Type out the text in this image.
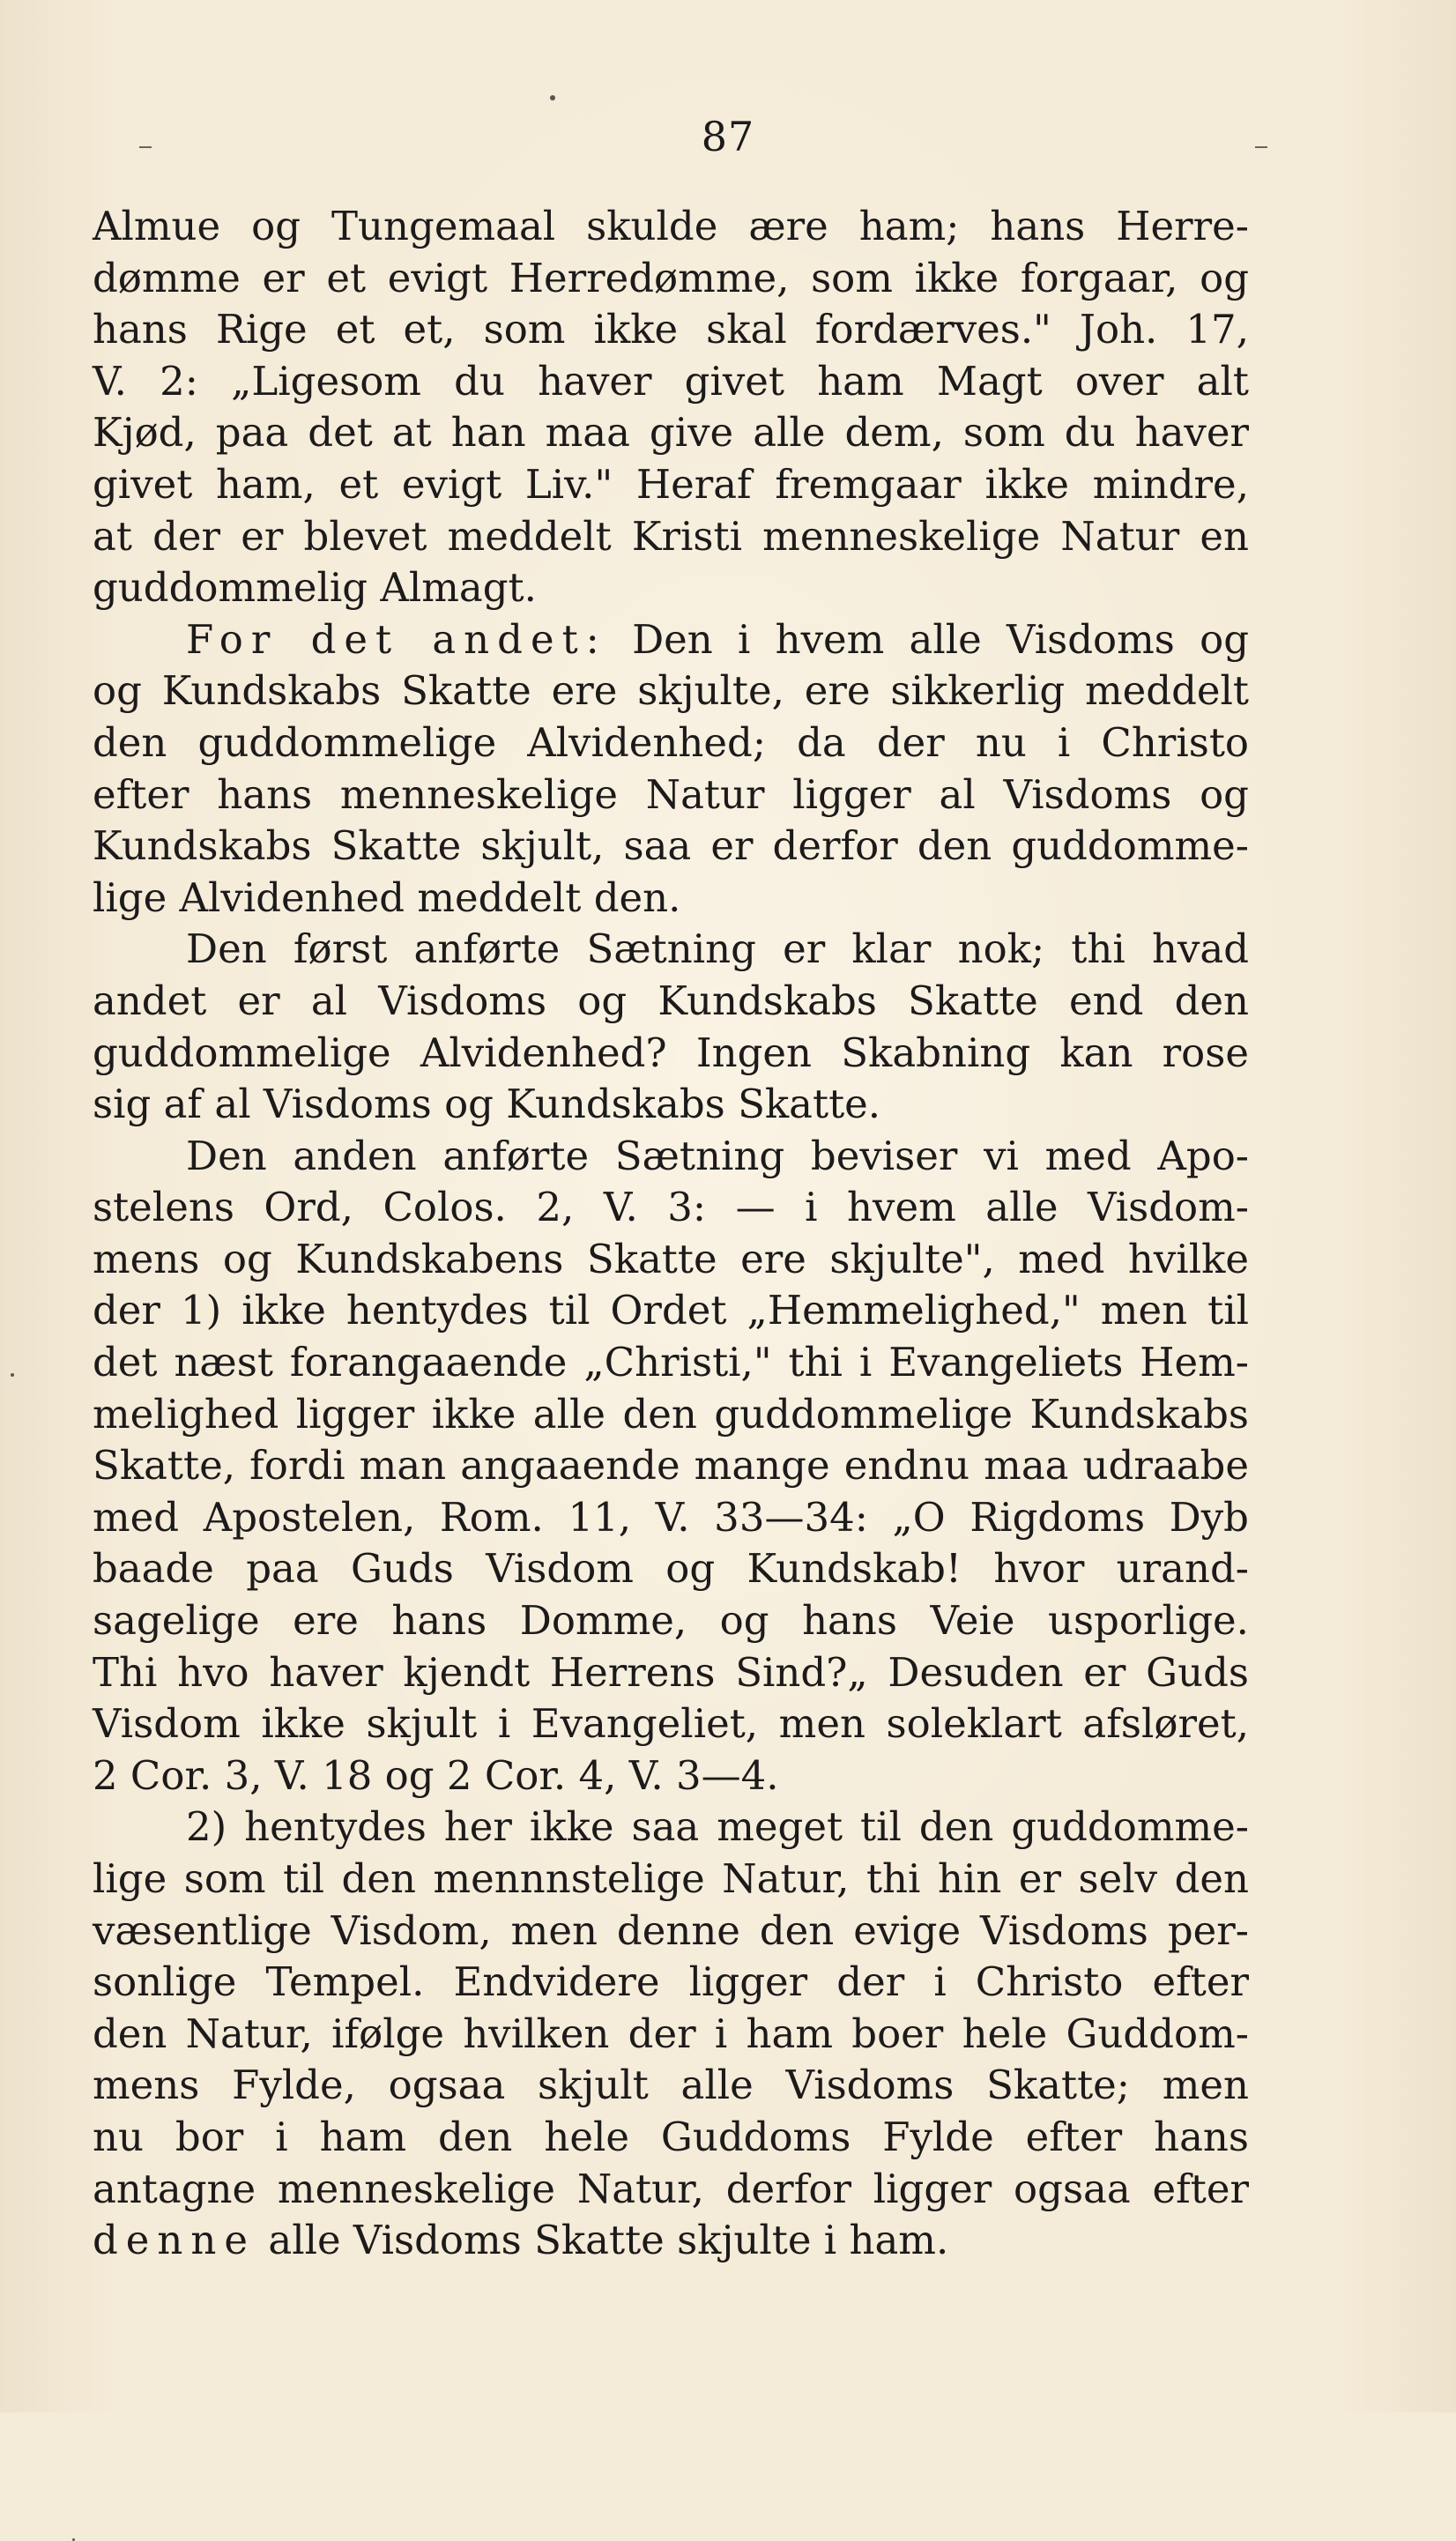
87
Almue og Tungemaal skulde ære ham; hans Herre-
dømme er et evigt Herredømme, som ikke forgaar, og
hans Rige et et, som ikke skal fordærves." Joh. 17,
V. 2: „Ligesom du haver givet ham Magt over alt
Kjød, paa det at han maa give alle dem, som du haver
givet ham, et evigt Liv." Heraf fremgaar ikke mindre,
at der er blevet meddelt Kristi menneskelige Natur en
guddommelig Almagt.
For det andet: Den i hvem alle Visdoms og
og Kundskabs Skatte ere skjulte, ere sikkerlig meddelt
den guddommelige Alvidenhed; da der nu i Christo
efter hans menneskelige Natur ligger al Visdoms og
Kundskabs Skatte skjult, saa er derfor den guddomme-
lige Alvidenhed meddelt den.
Den først anførte Sætning er klar nok; thi hvad
andet er al Visdoms og Kundskabs Skatte end den
guddommelige Alvidenhed? Ingen Skabning kan rose
sig af al Visdoms og Kundskabs Skatte.
Den anden anførte Sætning beviser vi med Apo-
stelens Ord, Colos. 2, V. 3: — i hvem alle Visdom-
mens og Kundskabens Skatte ere skjulte", med hvilke
der 1) ikke hentydes til Ordet „Hemmelighed," men til
det næst forangaaende „Christi," thi i Evangeliets Hem-
melighed ligger ikke alle den guddommelige Kundskabs
Skatte, fordi man angaaende mange endnu maa udraabe
med Apostelen, Rom. 11, V. 33—34: „O Rigdoms Dyb
baade paa Guds Visdom og Kundskab! hvor urand-
sagelige ere hans Domme, og hans Veie usporlige.
Thi hvo haver kjendt Herrens Sind?„ Desuden er Guds
Visdom ikke skjult i Evangeliet, men soleklart afsløret,
2 Cor. 3, V. 18 og 2 Cor. 4, V. 3—4.
2) hentydes her ikke saa meget til den guddomme-
lige som til den mennnstelige Natur, thi hin er selv den
væsentlige Visdom, men denne den evige Visdoms per-
sonlige Tempel. Endvidere ligger der i Christo efter
den Natur, ifølge hvilken der i ham boer hele Guddom-
mens Fylde, ogsaa skjult alle Visdoms Skatte; men
nu bor i ham den hele Guddoms Fylde efter hans
antagne menneskelige Natur, derfor ligger ogsaa efter
denne alle Visdoms Skatte skjulte i ham.
